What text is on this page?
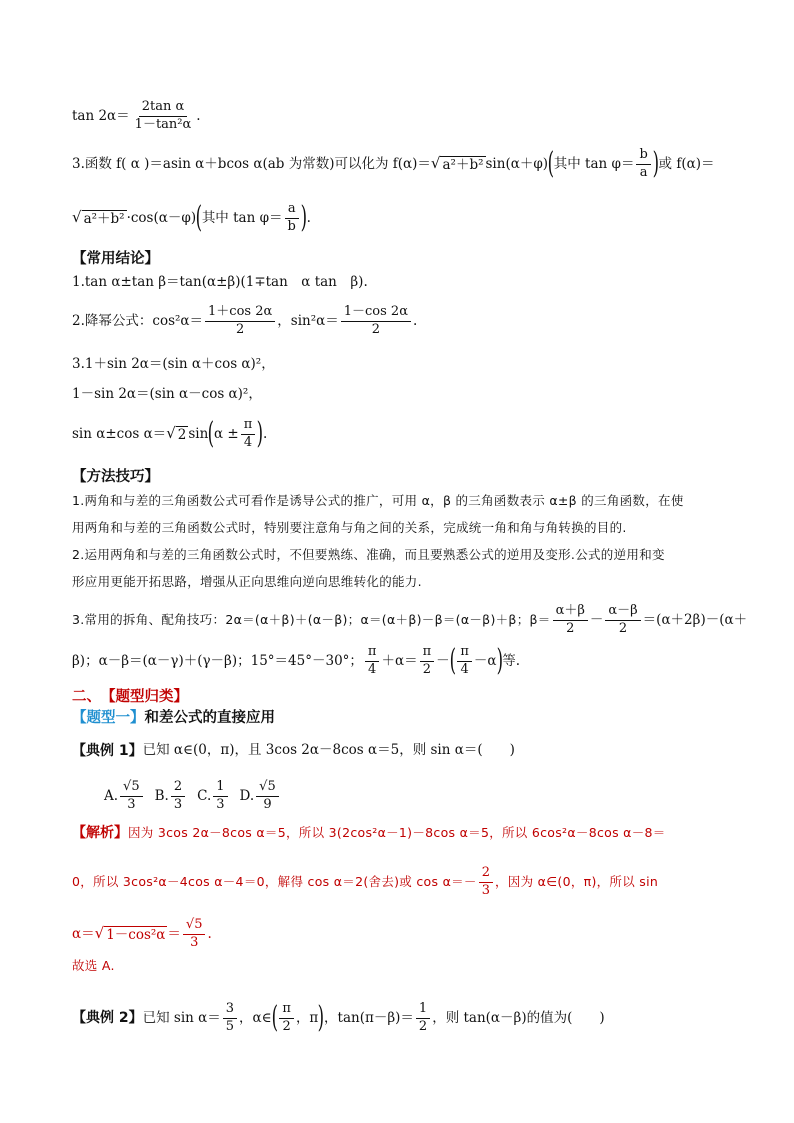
$\tan 2\alpha= \frac{\text{2tan α}}{\text{1－tan²α}}$ .
3.函数 f( α )＝asin α＋bcos α(ab 为常数)可以化为 f(α)＝ √ a²＋b² sin(α＋φ) ( 其中 $\tan \varphi= \frac{b}{a}$ ) 或 f(α)＝
√ a²＋b² ·cos(α－φ) ( 其中 $\tan \varphi= \frac{a}{b}$ ) .
【常用结论】
1.tan α±tan β＝tan(α±β)(1∓tan　α tan　β).
2.降幂公式：$\cos^2\alpha= \frac{1+\cos 2\alpha}{2}$ ，$\sin^2\alpha= \frac{1-\cos 2\alpha}{2}$ .
3.1＋sin 2α＝(sin α＋cos α)²，
1－sin 2α＝(sin α－cos α)²，
sin α±cos α＝ √ 2 sin ( $\alpha \pm \frac{\pi}{4}$ ) .
【方法技巧】
1.两角和与差的三角函数公式可看作是诱导公式的推广，可用 α，β 的三角函数表示 α±β 的三角函数，在使
用两角和与差的三角函数公式时，特别要注意角与角之间的关系，完成统一角和角与角转换的目的.
2.运用两角和与差的三角函数公式时，不但要熟练、准确，而且要熟悉公式的逆用及变形.公式的逆用和变
形应用更能开拓思路，增强从正向思维向逆向思维转化的能力.
3.常用的拆角、配角技巧：2α＝(α＋β)＋(α－β)；α＝(α＋β)－β＝(α－β)＋β；$\beta= \frac{\alpha+\beta}{2} - \frac{\alpha-\beta}{2} =(\alpha+2\beta)-(\alpha+$
β)；α－β＝(α－γ)＋(γ－β)；15°＝45°－30°； $\frac{\pi}{4} +\alpha= \frac{\pi}{2}$ － ( $\frac{\pi}{4} -\alpha$ ) 等.
二、 【题型归类】
【题型一】 和差公式的直接应用
【典例 1】 已知 α∈(0，π)，且 3cos 2α－8cos α＝5，则 sin α＝(　　)
A. $\frac{√5}{3} B$. $\frac{2}{3} C$. $\frac{1}{3} D$. $\frac{√5}{9}$
【解析】 因为 3cos 2α－8cos α＝5，所以 3(2cos²α－1)－8cos α＝5，所以 6cos²α－8cos α－8＝
0，所以 3cos²α－4cos α－4＝0，解得 cos α＝2(舍去)或 $\cos \alpha=- \frac{2}{3}$ ，因为 α∈(0，π)，所以 sin
α＝ √ $1-\cos^2\alpha = \frac{√5}{3}$ .
故选 A.
【典例 2】 已知 $\sin \alpha= \frac{3}{5}$ ，α∈ ( $\frac{\pi}{2}$ ，π ) ，$\tan(\pi-\beta)= \frac{1}{2}$ ，则 tan(α－β)的值为(　　)
